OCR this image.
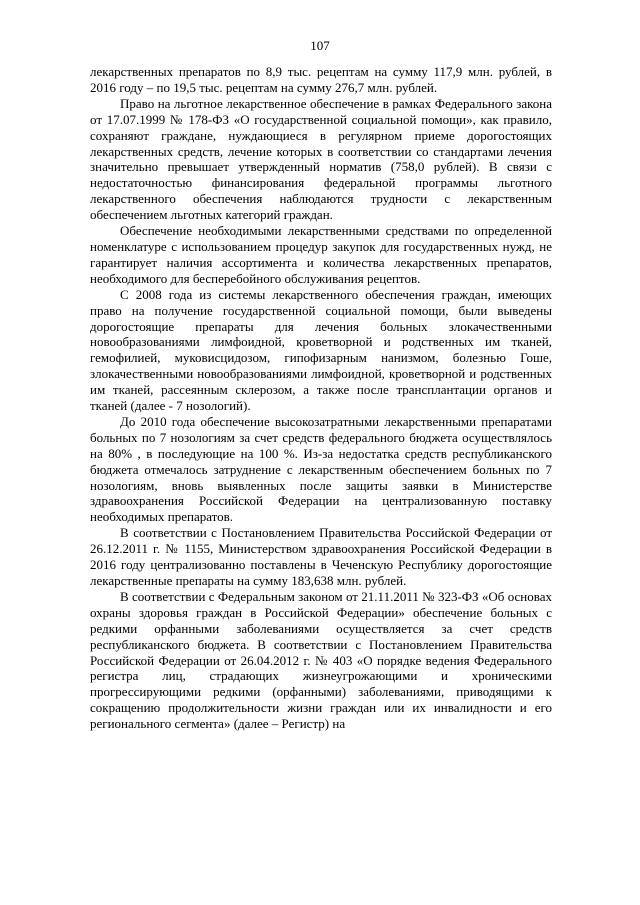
107

лекарственных препаратов по 8,9 тыс. рецептам на сумму 117,9 млн. рублей, в 2016 году – по 19,5 тыс. рецептам на сумму 276,7 млн. рублей.

Право на льготное лекарственное обеспечение в рамках Федерального закона от 17.07.1999 № 178-ФЗ «О государственной социальной помощи», как правило, сохраняют граждане, нуждающиеся в регулярном приеме дорогостоящих лекарственных средств, лечение которых в соответствии со стандартами лечения значительно превышает утвержденный норматив (758,0 рублей). В связи с недостаточностью финансирования федеральной программы льготного лекарственного обеспечения наблюдаются трудности с лекарственным обеспечением льготных категорий граждан.

Обеспечение необходимыми лекарственными средствами по определенной номенклатуре с использованием процедур закупок для государственных нужд, не гарантирует наличия ассортимента и количества лекарственных препаратов, необходимого для бесперебойного обслуживания рецептов.

С 2008 года из системы лекарственного обеспечения граждан, имеющих право на получение государственной социальной помощи, были выведены дорогостоящие препараты для лечения больных злокачественными новообразованиями лимфоидной, кроветворной и родственных им тканей, гемофилией, муковисцидозом, гипофизарным нанизмом, болезнью Гоше, злокачественными новообразованиями лимфоидной, кроветворной и родственных им тканей, рассеянным склерозом, а также после трансплантации органов и тканей (далее - 7 нозологий).

До 2010 года обеспечение высокозатратными лекарственными препаратами больных по 7 нозологиям за счет средств федерального бюджета осуществлялось на 80% , в последующие на 100 %. Из-за недостатка средств республиканского бюджета отмечалось затруднение с лекарственным обеспечением больных по 7 нозологиям, вновь выявленных после защиты заявки в Министерстве здравоохранения Российской Федерации на централизованную поставку необходимых препаратов.

В соответствии с Постановлением Правительства Российской Федерации от 26.12.2011 г. № 1155, Министерством здравоохранения Российской Федерации в 2016 году централизованно поставлены в Чеченскую Республику дорогостоящие лекарственные препараты на сумму 183,638 млн. рублей.

В соответствии с Федеральным законом от 21.11.2011 № 323-ФЗ «Об основах охраны здоровья граждан в Российской Федерации» обеспечение больных с редкими орфанными заболеваниями осуществляется за счет средств республиканского бюджета. В соответствии с Постановлением Правительства Российской Федерации от 26.04.2012 г. № 403 «О порядке ведения Федерального регистра лиц, страдающих жизнеугрожающими и хроническими прогрессирующими редкими (орфанными) заболеваниями, приводящими к сокращению продолжительности жизни граждан или их инвалидности и его регионального сегмента» (далее – Регистр) на
